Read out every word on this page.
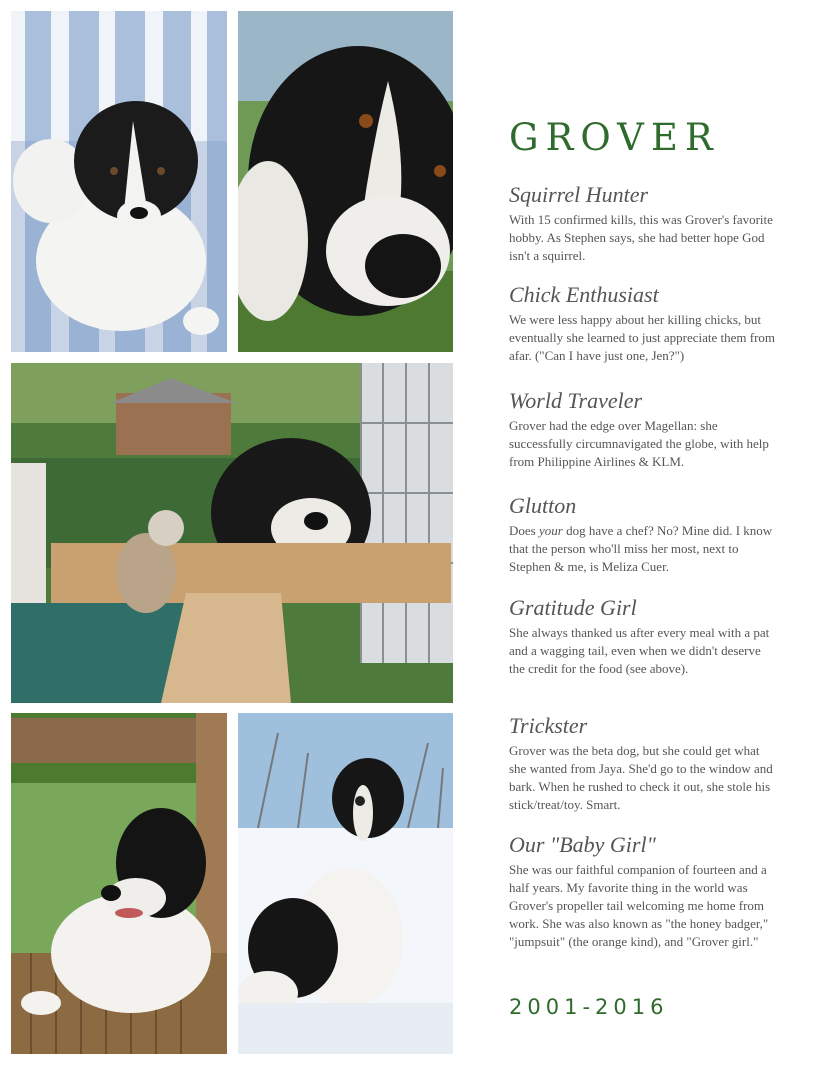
GROVER
Squirrel Hunter

With 15 confirmed kills, this was Grover's favorite hobby. As Stephen says, she had better hope God isn't a squirrel.

Chick Enthusiast

We were less happy about her killing chicks, but eventually she learned to just appreciate them from afar. ("Can I have just one, Jen?")

World Traveler

Grover had the edge over Magellan: she successfully circumnavigated the globe, with help from Philippine Airlines & KLM.

Glutton

Does your dog have a chef? No? Mine did. I know that the person who'll miss her most, next to Stephen & me, is Meliza Cuer.

Gratitude Girl

She always thanked us after every meal with a pat and a wagging tail, even when we didn't deserve the credit for the food (see above).

Trickster

Grover was the beta dog, but she could get what she wanted from Jaya. She'd go to the window and bark. When he rushed to check it out, she stole his stick/treat/toy. Smart.

Our "Baby Girl"

She was our faithful companion of fourteen and a half years. My favorite thing in the world was Grover's propeller tail welcoming me home from work. She was also known as "the honey badger," "jumpsuit" (the orange kind), and "Grover girl."

2001-2016
